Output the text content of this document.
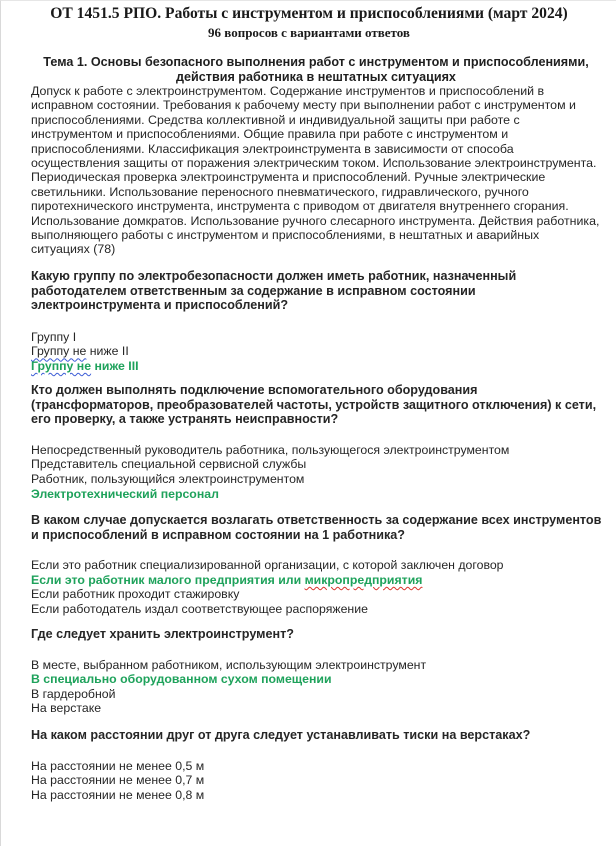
ОТ 1451.5 РПО. Работы с инструментом и приспособлениями (март 2024)
96 вопросов с вариантами ответов

Тема 1. Основы безопасного выполнения работ с инструментом и приспособлениями, действия работника в нештатных ситуациях

Допуск к работе с электроинструментом. Содержание инструментов и приспособлений в исправном состоянии. Требования к рабочему месту при выполнении работ с инструментом и приспособлениями. Средства коллективной и индивидуальной защиты при работе с инструментом и приспособлениями. Общие правила при работе с инструментом и приспособлениями. Классификация электроинструмента в зависимости от способа осуществления защиты от поражения электрическим током. Использование электроинструмента. Периодическая проверка электроинструмента и приспособлений. Ручные электрические светильники. Использование переносного пневматического, гидравлического, ручного пиротехнического инструмента, инструмента с приводом от двигателя внутреннего сгорания. Использование домкратов. Использование ручного слесарного инструмента. Действия работника, выполняющего работы с инструментом и приспособлениями, в нештатных и аварийных ситуациях (78)

Какую группу по электробезопасности должен иметь работник, назначенный работодателем ответственным за содержание в исправном состоянии электроинструмента и приспособлений?

Группу I
Группу не ниже II
Группу не ниже III

Кто должен выполнять подключение вспомогательного оборудования (трансформаторов, преобразователей частоты, устройств защитного отключения) к сети, его проверку, а также устранять неисправности?

Непосредственный руководитель работника, пользующегося электроинструментом
Представитель специальной сервисной службы
Работник, пользующийся электроинструментом
Электротехнический персонал

В каком случае допускается возлагать ответственность за содержание всех инструментов и приспособлений в исправном состоянии на 1 работника?

Если это работник специализированной организации, с которой заключен договор
Если это работник малого предприятия или микропредприятия
Если работник проходит стажировку
Если работодатель издал соответствующее распоряжение

Где следует хранить электроинструмент?

В месте, выбранном работником, использующим электроинструмент
В специально оборудованном сухом помещении
В гардеробной
На верстаке

На каком расстоянии друг от друга следует устанавливать тиски на верстаках?

На расстоянии не менее 0,5 м
На расстоянии не менее 0,7 м
На расстоянии не менее 0,8 м
